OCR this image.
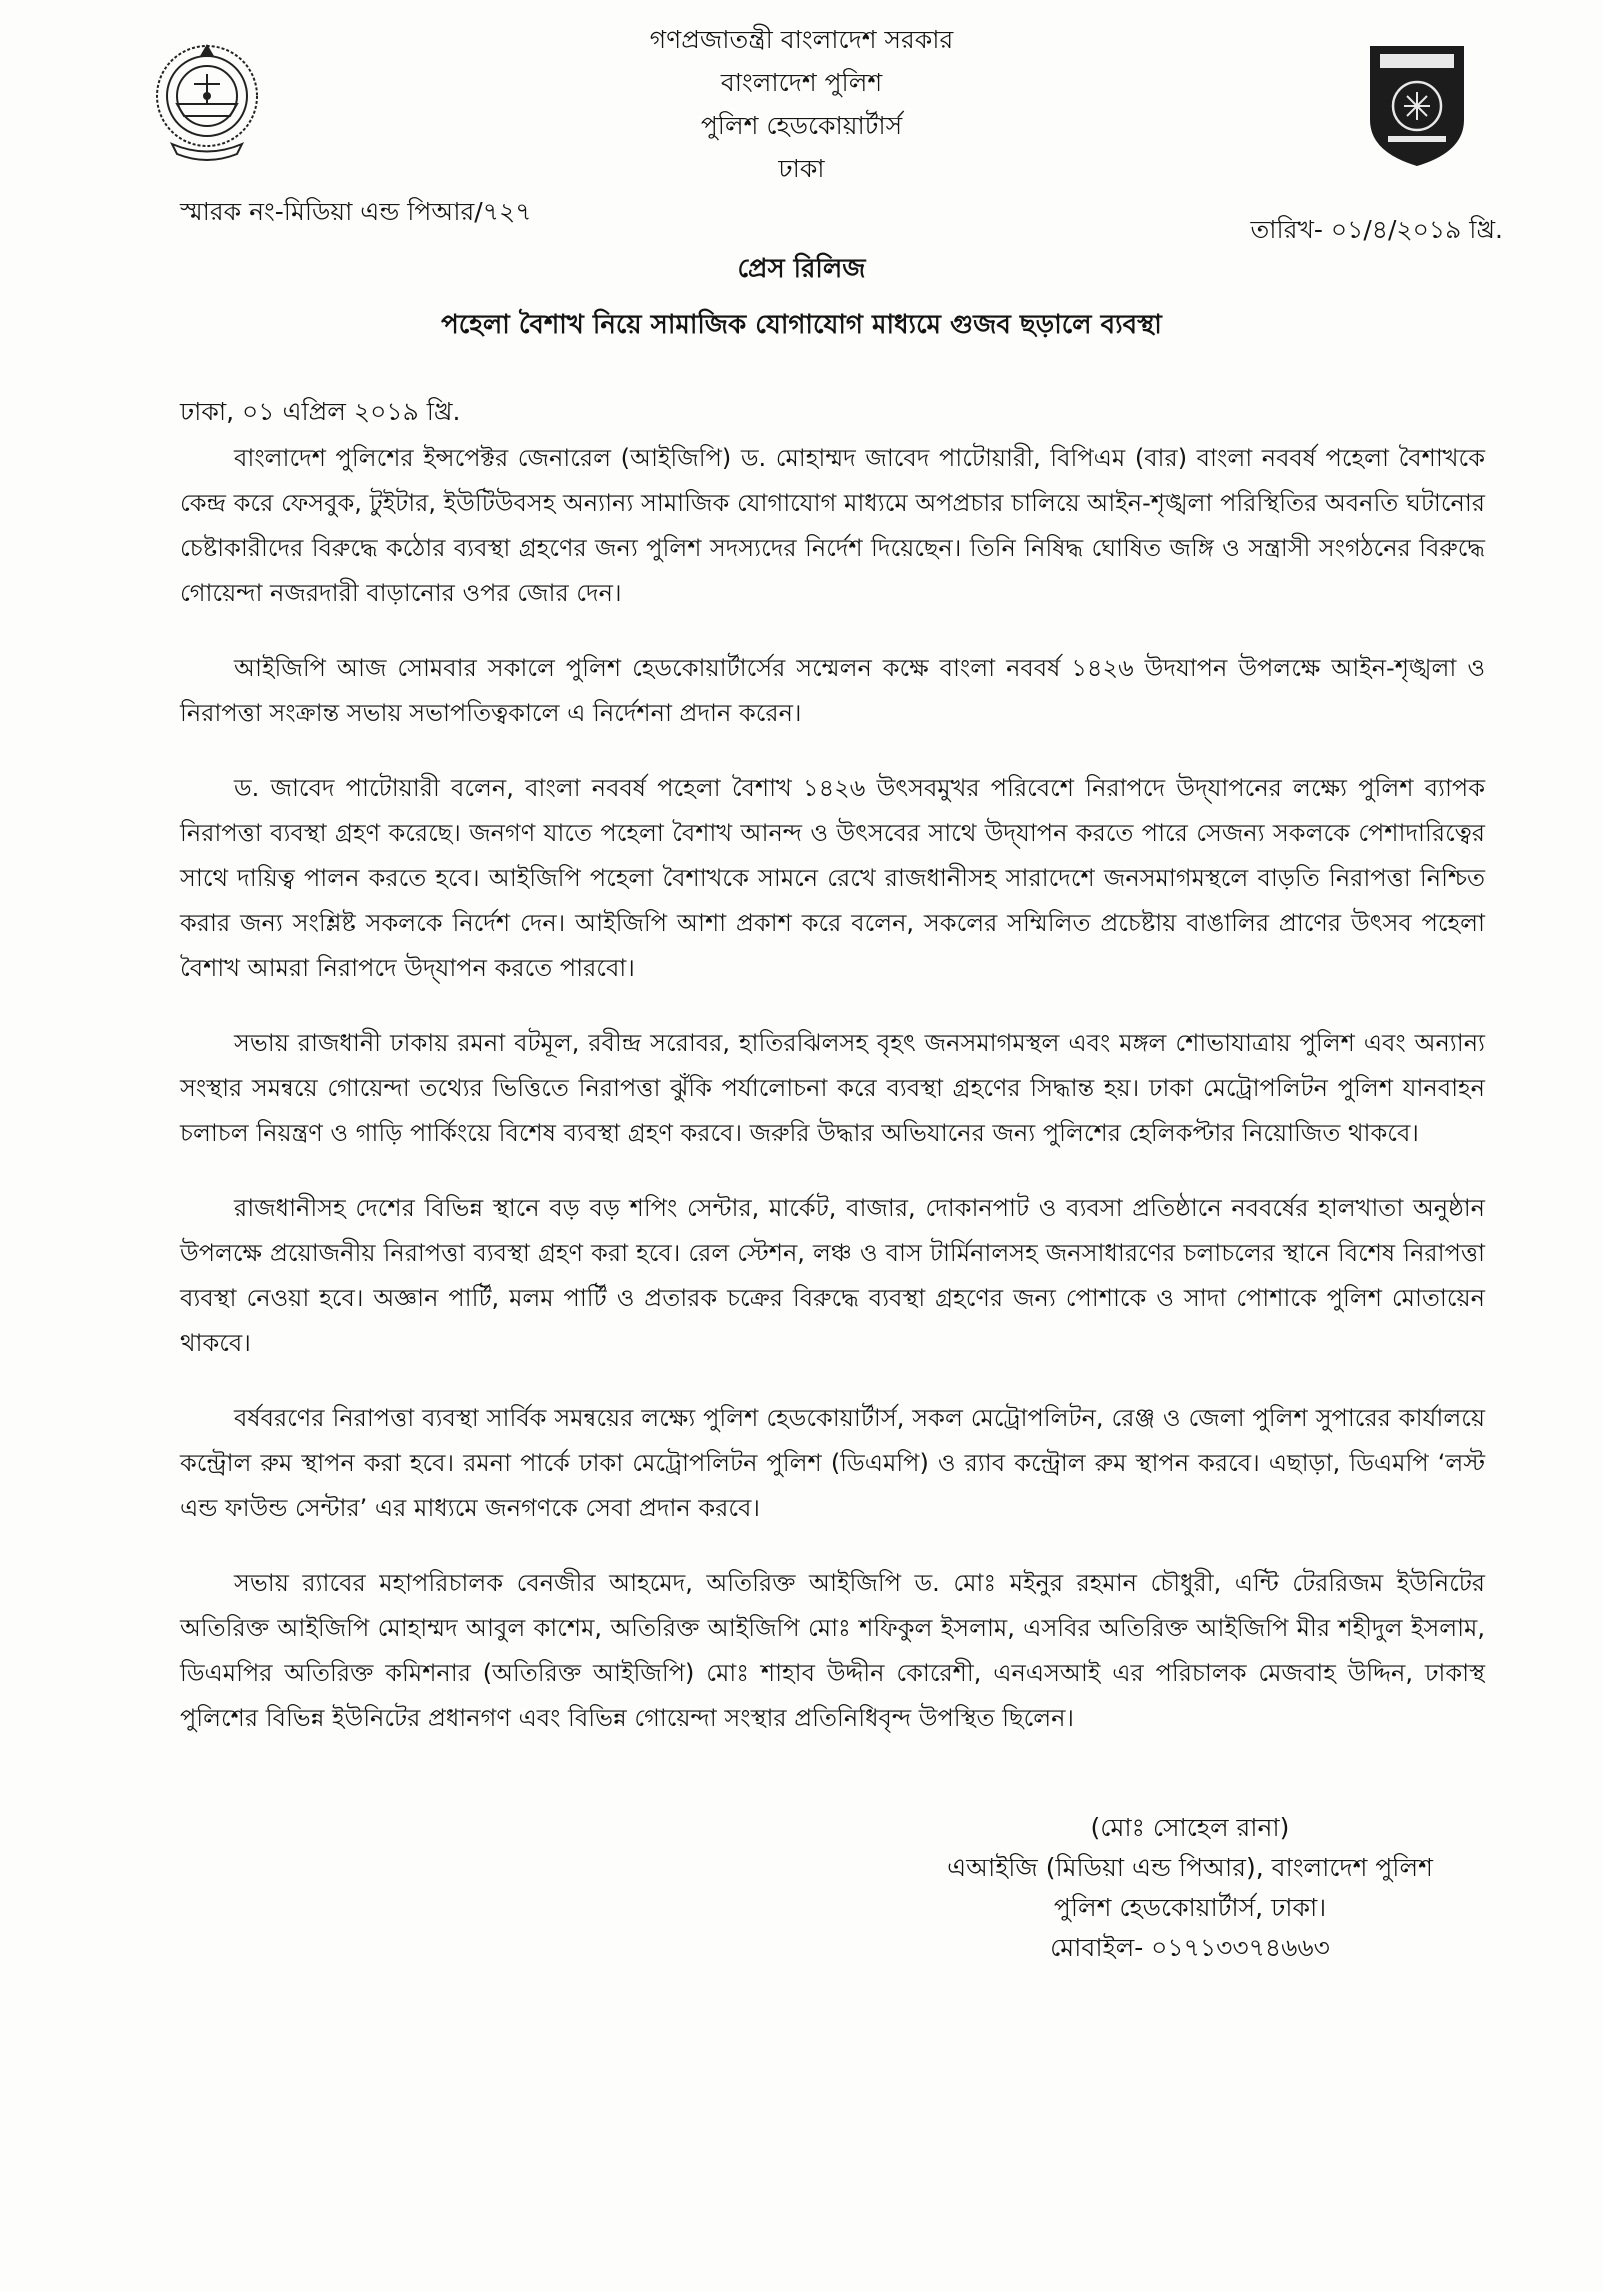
গণপ্রজাতন্ত্রী বাংলাদেশ সরকার
বাংলাদেশ পুলিশ
পুলিশ হেডকোয়ার্টার্স
ঢাকা
স্মারক নং-মিডিয়া এন্ড পিআর/৭২৭
তারিখ- ০১/৪/২০১৯ খ্রি.
প্রেস রিলিজ
পহেলা বৈশাখ নিয়ে সামাজিক যোগাযোগ মাধ্যমে গুজব ছড়ালে ব্যবস্থা
ঢাকা, ০১ এপ্রিল ২০১৯ খ্রি.

বাংলাদেশ পুলিশের ইন্সপেক্টর জেনারেল (আইজিপি) ড. মোহাম্মদ জাবেদ পাটোয়ারী, বিপিএম (বার) বাংলা নববর্ষ পহেলা বৈশাখকে কেন্দ্র করে ফেসবুক, টুইটার, ইউটিউবসহ অন্যান্য সামাজিক যোগাযোগ মাধ্যমে অপপ্রচার চালিয়ে আইন-শৃঙ্খলা পরিস্থিতির অবনতি ঘটানোর চেষ্টাকারীদের বিরুদ্ধে কঠোর ব্যবস্থা গ্রহণের জন্য পুলিশ সদস্যদের নির্দেশ দিয়েছেন। তিনি নিষিদ্ধ ঘোষিত জঙ্গি ও সন্ত্রাসী সংগঠনের বিরুদ্ধে গোয়েন্দা নজরদারী বাড়ানোর ওপর জোর দেন।

আইজিপি আজ সোমবার সকালে পুলিশ হেডকোয়ার্টার্সের সম্মেলন কক্ষে বাংলা নববর্ষ ১৪২৬ উদযাপন উপলক্ষে আইন-শৃঙ্খলা ও নিরাপত্তা সংক্রান্ত সভায় সভাপতিত্বকালে এ নির্দেশনা প্রদান করেন।

ড. জাবেদ পাটোয়ারী বলেন, বাংলা নববর্ষ পহেলা বৈশাখ ১৪২৬ উৎসবমুখর পরিবেশে নিরাপদে উদ্‌যাপনের লক্ষ্যে পুলিশ ব্যাপক নিরাপত্তা ব্যবস্থা গ্রহণ করেছে। জনগণ যাতে পহেলা বৈশাখ আনন্দ ও উৎসবের সাথে উদ্‌যাপন করতে পারে সেজন্য সকলকে পেশাদারিত্বের সাথে দায়িত্ব পালন করতে হবে। আইজিপি পহেলা বৈশাখকে সামনে রেখে রাজধানীসহ সারাদেশে জনসমাগমস্থলে বাড়তি নিরাপত্তা নিশ্চিত করার জন্য সংশ্লিষ্ট সকলকে নির্দেশ দেন। আইজিপি আশা প্রকাশ করে বলেন, সকলের সম্মিলিত প্রচেষ্টায় বাঙালির প্রাণের উৎসব পহেলা বৈশাখ আমরা নিরাপদে উদ্‌যাপন করতে পারবো।

সভায় রাজধানী ঢাকায় রমনা বটমূল, রবীন্দ্র সরোবর, হাতিরঝিলসহ বৃহৎ জনসমাগমস্থল এবং মঙ্গল শোভাযাত্রায় পুলিশ এবং অন্যান্য সংস্থার সমন্বয়ে গোয়েন্দা তথ্যের ভিত্তিতে নিরাপত্তা ঝুঁকি পর্যালোচনা করে ব্যবস্থা গ্রহণের সিদ্ধান্ত হয়। ঢাকা মেট্রোপলিটন পুলিশ যানবাহন চলাচল নিয়ন্ত্রণ ও গাড়ি পার্কিংয়ে বিশেষ ব্যবস্থা গ্রহণ করবে। জরুরি উদ্ধার অভিযানের জন্য পুলিশের হেলিকপ্টার নিয়োজিত থাকবে।

রাজধানীসহ দেশের বিভিন্ন স্থানে বড় বড় শপিং সেন্টার, মার্কেট, বাজার, দোকানপাট ও ব্যবসা প্রতিষ্ঠানে নববর্ষের হালখাতা অনুষ্ঠান উপলক্ষে প্রয়োজনীয় নিরাপত্তা ব্যবস্থা গ্রহণ করা হবে। রেল স্টেশন, লঞ্চ ও বাস টার্মিনালসহ জনসাধারণের চলাচলের স্থানে বিশেষ নিরাপত্তা ব্যবস্থা নেওয়া হবে। অজ্ঞান পার্টি, মলম পার্টি ও প্রতারক চক্রের বিরুদ্ধে ব্যবস্থা গ্রহণের জন্য পোশাকে ও সাদা পোশাকে পুলিশ মোতায়েন থাকবে।

বর্ষবরণের নিরাপত্তা ব্যবস্থা সার্বিক সমন্বয়ের লক্ষ্যে পুলিশ হেডকোয়ার্টার্স, সকল মেট্রোপলিটন, রেঞ্জ ও জেলা পুলিশ সুপারের কার্যালয়ে কন্ট্রোল রুম স্থাপন করা হবে। রমনা পার্কে ঢাকা মেট্রোপলিটন পুলিশ (ডিএমপি) ও র‍্যাব কন্ট্রোল রুম স্থাপন করবে। এছাড়া, ডিএমপি ‘লস্ট এন্ড ফাউন্ড সেন্টার’ এর মাধ্যমে জনগণকে সেবা প্রদান করবে।

সভায় র‍্যাবের মহাপরিচালক বেনজীর আহমেদ, অতিরিক্ত আইজিপি ড. মোঃ মইনুর রহমান চৌধুরী, এন্টি টেররিজম ইউনিটের অতিরিক্ত আইজিপি মোহাম্মদ আবুল কাশেম, অতিরিক্ত আইজিপি মোঃ শফিকুল ইসলাম, এসবির অতিরিক্ত আইজিপি মীর শহীদুল ইসলাম, ডিএমপির অতিরিক্ত কমিশনার (অতিরিক্ত আইজিপি) মোঃ শাহাব উদ্দীন কোরেশী, এনএসআই এর পরিচালক মেজবাহ উদ্দিন, ঢাকাস্থ পুলিশের বিভিন্ন ইউনিটের প্রধানগণ এবং বিভিন্ন গোয়েন্দা সংস্থার প্রতিনিধিবৃন্দ উপস্থিত ছিলেন।

(মোঃ সোহেল রানা)
এআইজি (মিডিয়া এন্ড পিআর), বাংলাদেশ পুলিশ
পুলিশ হেডকোয়ার্টার্স, ঢাকা।
মোবাইল- ০১৭১৩৩৭৪৬৬৩
